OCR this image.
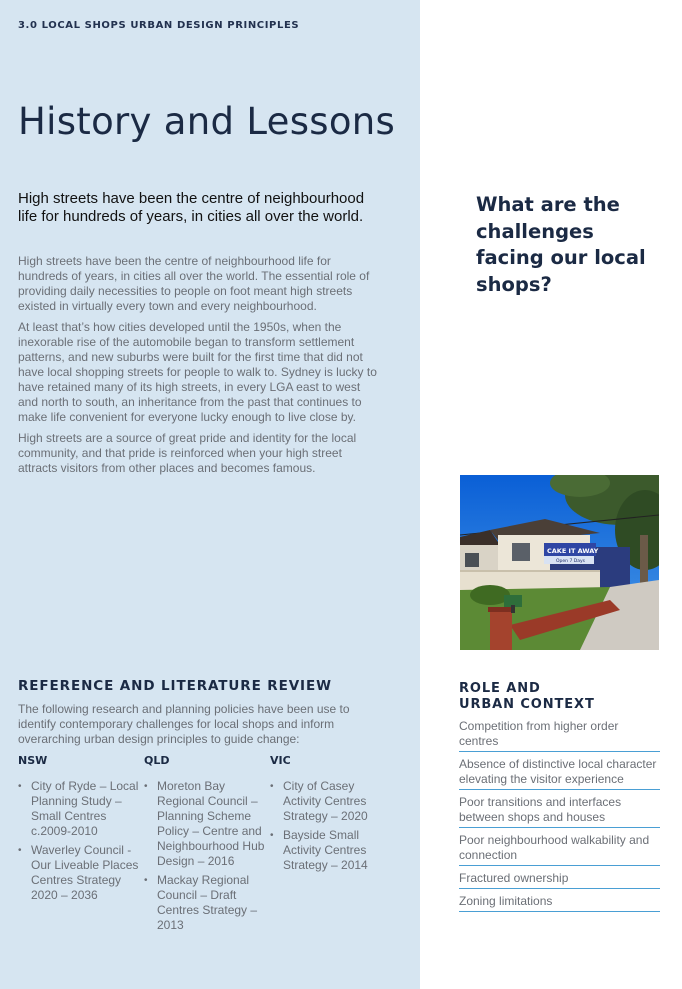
3.0 LOCAL SHOPS URBAN DESIGN PRINCIPLES
History and Lessons

High streets have been the centre of neighbourhood life for hundreds of years, in cities all over the world.

High streets have been the centre of neighbourhood life for hundreds of years, in cities all over the world. The essential role of providing daily necessities to people on foot meant high streets existed in virtually every town and every neighbourhood.

At least that’s how cities developed until the 1950s, when the inexorable rise of the automobile began to transform settlement patterns, and new suburbs were built for the first time that did not have local shopping streets for people to walk to. Sydney is lucky to have retained many of its high streets, in every LGA east to west and north to south, an inheritance from the past that continues to make life convenient for everyone lucky enough to live close by.

High streets are a source of great pride and identity for the local community, and that pride is reinforced when your high street attracts visitors from other places and becomes famous.

What are the challenges facing our local shops?
CAKE IT AWAY
Open 7 Days
REFERENCE AND LITERATURE REVIEW

The following research and planning policies have been use to identify contemporary challenges for local shops and inform overarching urban design principles to guide change:

NSW
• City of Ryde – Local Planning Study – Small Centres c.2009-2010
• Waverley Council - Our Liveable Places Centres Strategy 2020 – 2036
QLD
• Moreton Bay Regional Council – Planning Scheme Policy – Centre and Neighbourhood Hub Design – 2016
• Mackay Regional Council – Draft Centres Strategy – 2013
VIC
• City of Casey Activity Centres Strategy – 2020
• Bayside Small Activity Centres Strategy – 2014
ROLE AND
URBAN CONTEXT
Competition from higher order centres
Absence of distinctive local character elevating the visitor experience
Poor transitions and interfaces between shops and houses
Poor neighbourhood walkability and connection
Fractured ownership
Zoning limitations
